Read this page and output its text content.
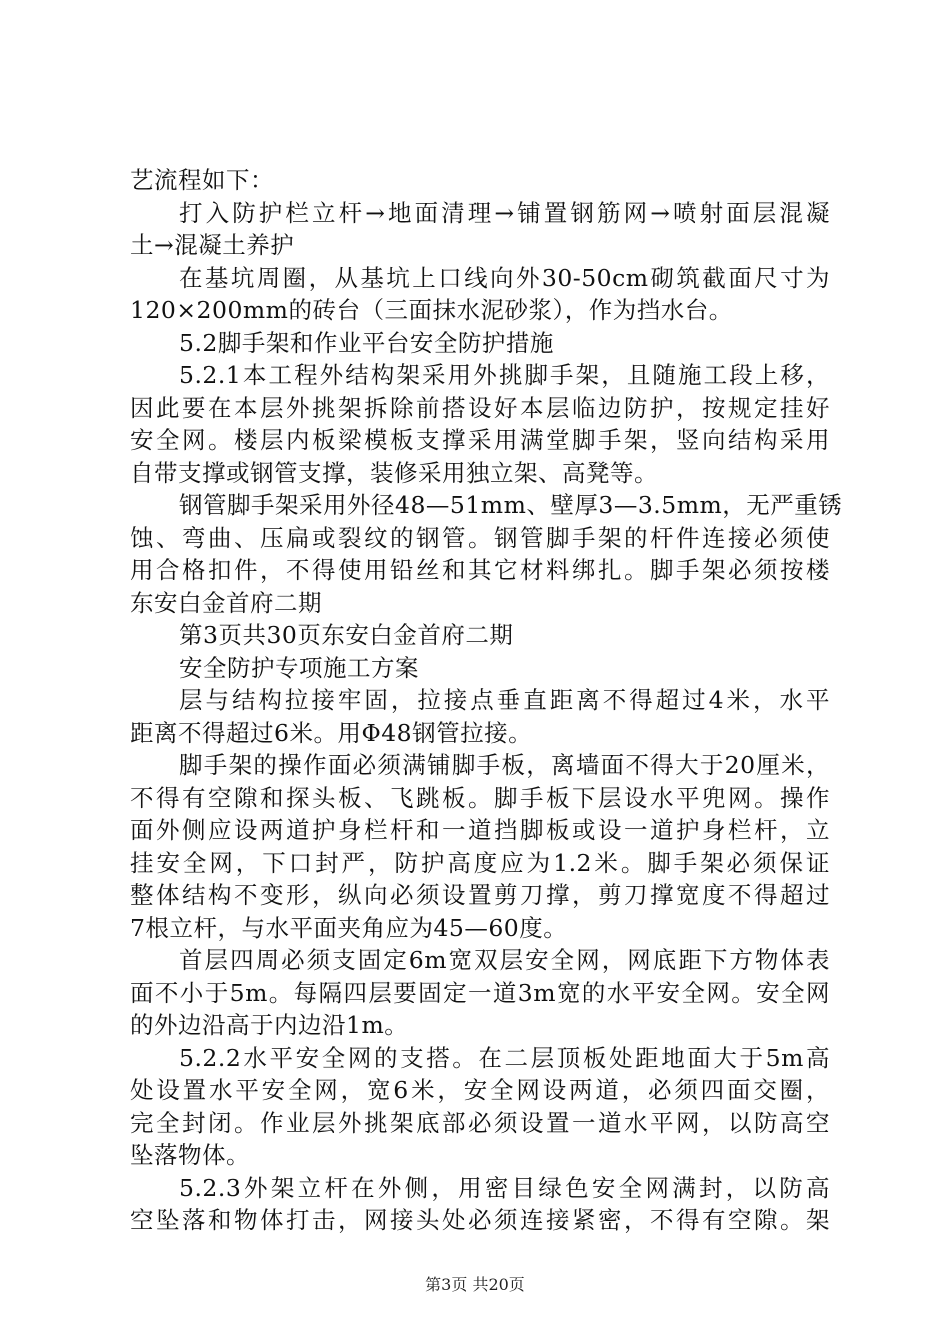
艺流程如下：
打入防护栏立杆→地面清理→铺置钢筋网→喷射面层混凝
土→混凝土养护
在基坑周圈，从基坑上口线向外30-50cm砌筑截面尺寸为
120×200mm的砖台（三面抹水泥砂浆），作为挡水台。
5.2脚手架和作业平台安全防护措施
5.2.1本工程外结构架采用外挑脚手架，且随施工段上移，
因此要在本层外挑架拆除前搭设好本层临边防护，按规定挂好
安全网。楼层内板梁模板支撑采用满堂脚手架，竖向结构采用
自带支撑或钢管支撑，装修采用独立架、高凳等。
钢管脚手架采用外径48—51mm、壁厚3—3.5mm，无严重锈
蚀、弯曲、压扁或裂纹的钢管。钢管脚手架的杆件连接必须使
用合格扣件，不得使用铅丝和其它材料绑扎。脚手架必须按楼
东安白金首府二期
第3页共30页东安白金首府二期
安全防护专项施工方案
层与结构拉接牢固，拉接点垂直距离不得超过4米，水平
距离不得超过6米。用Φ48钢管拉接。
脚手架的操作面必须满铺脚手板，离墙面不得大于20厘米，
不得有空隙和探头板、飞跳板。脚手板下层设水平兜网。操作
面外侧应设两道护身栏杆和一道挡脚板或设一道护身栏杆，立
挂安全网，下口封严，防护高度应为1.2米。脚手架必须保证
整体结构不变形，纵向必须设置剪刀撑，剪刀撑宽度不得超过
7根立杆，与水平面夹角应为45—60度。
首层四周必须支固定6m宽双层安全网，网底距下方物体表
面不小于5m。每隔四层要固定一道3m宽的水平安全网。安全网
的外边沿高于内边沿1m。
5.2.2水平安全网的支搭。在二层顶板处距地面大于5m高
处设置水平安全网，宽6米，安全网设两道，必须四面交圈，
完全封闭。作业层外挑架底部必须设置一道水平网，以防高空
坠落物体。
5.2.3外架立杆在外侧，用密目绿色安全网满封，以防高
空坠落和物体打击，网接头处必须连接紧密，不得有空隙。架
第3页 共20页
